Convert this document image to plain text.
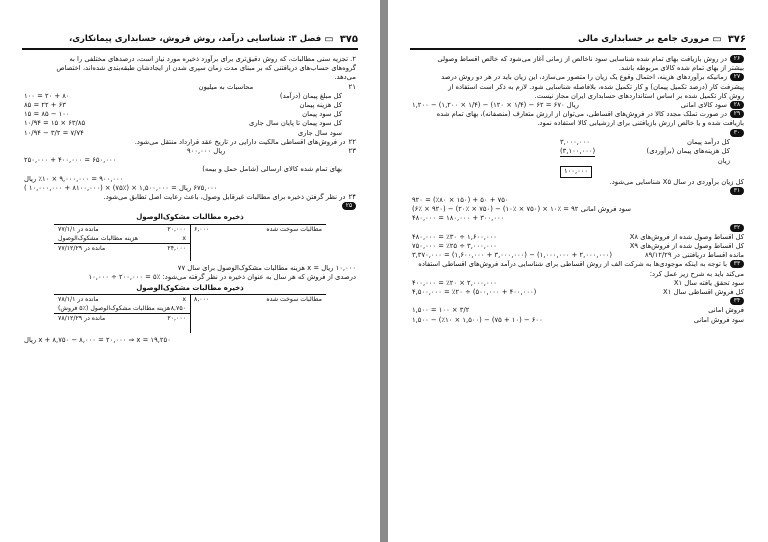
۳۷۵
▭
فصل ۳: شناسایی درآمد، روش فروش، حسابداری پیمانکاری،
۲. تجزیه سنی مطالبات، که روش دقیق‌تری برای برآورد ذخیره مورد نیاز است، درصدهای مختلفی را به
گروه‌های حساب‌های دریافتنی که بر مبنای مدت زمان سپری شدن از ایجادشان طبقه‌بندی شده‌اند، اختصاص
می‌دهد.
۲۱ محاسبات به میلیون
کل مبلغ پیمان (درآمد)
۱۰۰ = ۲۰ + ۸۰
کل هزینه پیمان
۸۵ = ۲۲ + ۶۳
کل سود پیمان
۱۵ = ۸۵ − ۱۰۰
کل سود پیمان تا پایان سال جاری
۱۰/۹۴ = ۱۵ × ۶۳/۸۵
سود سال جاری
۱۰/۹۴ − ۳/۲ = ۷/۷۴
۲۲در فروش‌های اقساطی مالکیت دارایی در تاریخ عقد قرارداد منتقل می‌شود.
۲۳۹۰۰,۰۰۰ ریال
۶۵۰,۰۰۰ = ۴۰۰,۰۰۰ + ۲۵۰,۰۰۰
بهای تمام شده کالای ارسالی (شامل حمل و بیمه)
۹۰۰,۰۰۰ = ۹,۰۰۰,۰۰۰ × ٪۱۰ ریال
۶۷۵,۰۰۰ ریال = ۱,۵۰۰,۰۰۰ × (٪۷۵) × (۸۱۰۰,۰۰۰ + ۱۰,۰۰۰,۰۰۰ )
۲۴در نظر گرفتن ذخیره برای مطالبات غیرقابل وصول، باعث رعایت اصل تطابق می‌شود.
۲۵
ذخیره مطالبات مشکوک‌الوصول
مطالبات سوخت شده
۶,۰۰۰
۲۰,۰۰۰
مانده در ۷۷/۱/۱
x
هزینه مطالبات مشکوک‌الوصول
۲۴,۰۰۰
مانده در ۷۷/۱۲/۲۹
۱۰,۰۰۰ ریال = x هزینه مطالبات مشکوک‌الوصول برای سال ۷۷
درصدی از فروش که هر سال به عنوان ذخیره در نظر گرفته می‌شود: ٪۵ = ۲۰۰,۰۰۰ ÷ ۱۰,۰۰۰
ذخیره مطالبات مشکوک‌الوصول
مطالبات سوخت شده
۸,۰۰۰
x
مانده در ۷۸/۱/۱
۸,۷۵۰
هزینه مطالبات مشکوک‌الوصول (٪۵ فروش)
۲۰,۰۰۰
مانده در ۷۸/۱۲/۲۹
x + ۸,۷۵۰ − ۸,۰۰۰ = ۲۰,۰۰۰ ⇒ x = ۱۹,۲۵۰ ریال
۳۷۶
▭
مروری جامع بر حسابداری مالی
۲۶در روش بازیافت بهای تمام شده شناسایی سود ناخالص از زمانی آغاز می‌شود که خالص اقساط وصولی
بیشتر از بهای تمام شده کالای مربوطه باشد.
۲۷زمانیکه برآوردهای هزینه، احتمال وقوع یک زیان را متصور می‌سازد، این زیان باید در هر دو روش درصد
پیشرفت کار (درصد تکمیل پیمان) و کار تکمیل شده، بلافاصله شناسایی شود. لازم به ذکر است استفاده از
روش کار تکمیل شده بر اساس استانداردهای حسابداری ایران مجاز نیست.
۲۸سود کالای امانی
۱,۲۰۰ − (۱,۲۰۰ × ۱/۴) − (۱۲۰ × ۱/۴) − ۶۲ = ۶۷۰ ریال
۲۹در صورت تملک مجدد کالا در فروش‌های اقساطی، می‌توان از ارزش متعارف (منصفانه)، بهای تمام شده
بازیافت شده و یا خالص ارزش بازیافتنی برای ارزشیابی کالا استفاده نمود.
۳۰
کل درآمد پیمان
۳,۰۰۰,۰۰۰
کل هزینه‌های پیمان (برآوردی)
(۳,۱۰۰,۰۰۰)
زیان
۱۰۰,۰۰۰
کل زیان برآوردی در سال X۵ شناسایی می‌شود.
۳۱
۷۵۰ + ۵۰ + (۱۵۰ × ٪۸۰) = ۹۲۰
سود فروش امانی ۹۲ = ٪۱۰ × (۷۵۰ × ٪۱۰) − (۷۵۰ × ٪۲۰) − (۹۲۰ × ٪۶)
۳۰۰,۰۰۰ + ۱۸۰,۰۰۰ = ۴۸۰,۰۰۰
۳۲
کل اقساط وصول شده از فروش‌های X۸
۴۸۰,۰۰۰ = ٪۳۰ ÷ ۱,۶۰۰,۰۰۰
کل اقساط وصول شده از فروش‌های X۹
۷۵۰,۰۰۰ = ٪۲۵ ÷ ۳,۰۰۰,۰۰۰
مانده اقساط دریافتنی در ۸۹/۱۲/۲۹
۳,۳۷۰,۰۰۰ = (۱,۶۰۰,۰۰۰ + ۳,۰۰۰,۰۰۰) − (۱,۰۰۰,۰۰۰ + ۲,۰۰۰,۰۰۰)
۳۳با توجه به اینکه موجودی‌ها به شرکت الف از روش اقساطی برای شناسایی درآمد فروش‌های اقساطی استفاده
می‌کند باید به شرح زیر عمل کرد:
سود تحقق یافته سال X۱
۴۰۰,۰۰۰ = ٪۲۰ × ۲,۰۰۰,۰۰۰
کل فروش اقساطی سال X۱
۴,۵۰۰,۰۰۰ = ٪۲۰ ÷ (۵۰۰,۰۰۰ + ۴۰۰,۰۰۰)
۳۴
فروش امانی
۱,۵۰۰ = ۱۰۰ × ۳/۲
سود فروش امانی
۱,۵۰۰ − (٪۱۰ × ۱,۵۰۰) − (۷۵ + ۱۰) − ۶۰۰
